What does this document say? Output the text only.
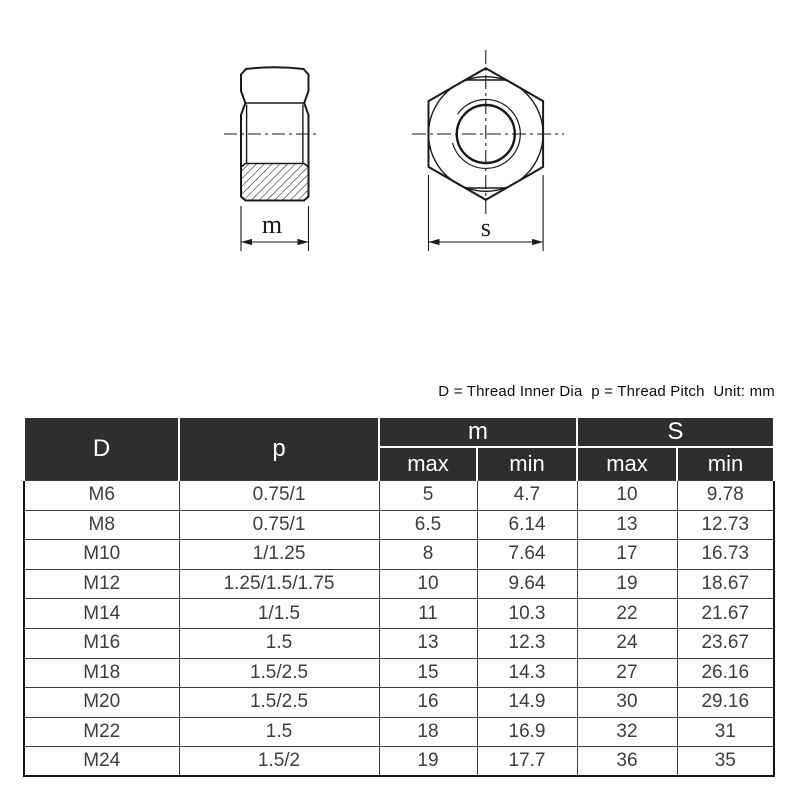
m	s
D = Thread Inner Dia  p = Thread Pitch  Unit: mm
D	p	m		S	
		max	min	max	min
M6	0.75/1	5	4.7	10	9.78
M8	0.75/1	6.5	6.14	13	12.73
M10	1/1.25	8	7.64	17	16.73
M12	1.25/1.5/1.75	10	9.64	19	18.67
M14	1/1.5	11	10.3	22	21.67
M16	1.5	13	12.3	24	23.67
M18	1.5/2.5	15	14.3	27	26.16
M20	1.5/2.5	16	14.9	30	29.16
M22	1.5	18	16.9	32	31
M24	1.5/2	19	17.7	36	35
